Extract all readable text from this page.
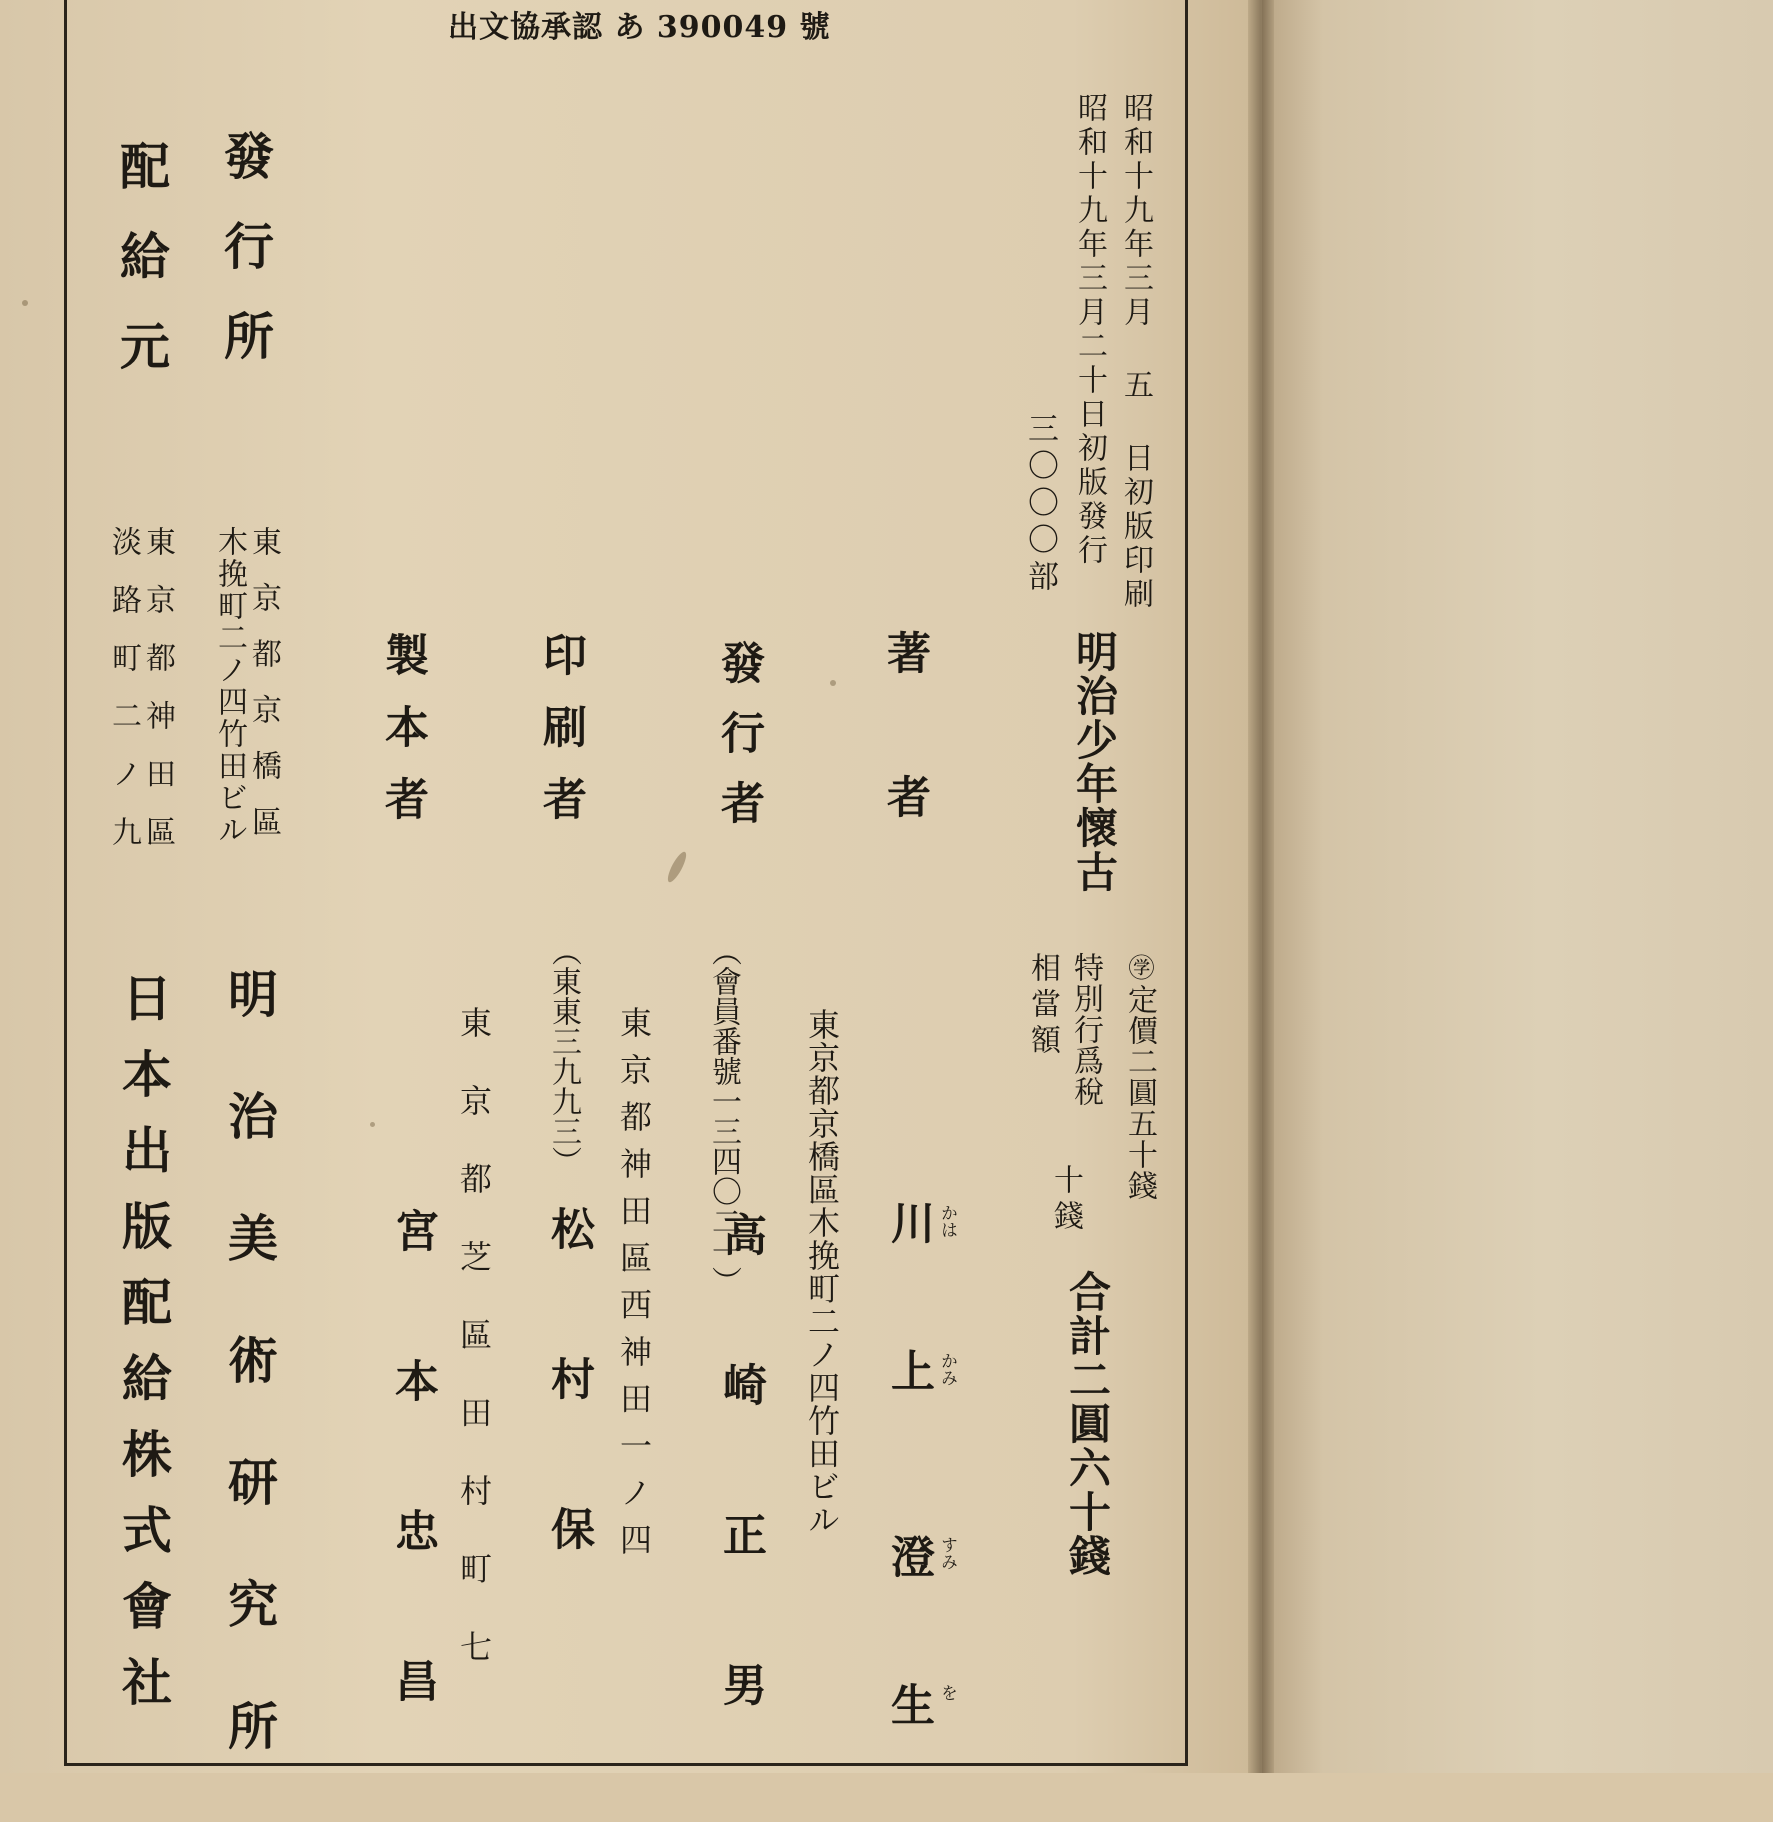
出文協承認 あ 390049 號
昭和十九年三月 五 日初版印刷
昭和十九年三月二十日初版發行
三〇〇〇部
明治少年懷古
㊫
定價二圓五十錢
特別行爲稅
相當額
十錢
合計二圓六十錢
著者
川
上
澄
生
かは
かみ
すみ
を
東京都京橋區木挽町二ノ四竹田ビル
發行者
（會員番號一三四〇二一）
高崎正男
東京都神田區西神田一ノ四
印刷者
（東東三九九三）
松村保
東京都芝區田村町七
製本者
宮本忠昌
發行所
東京都京橋區
木挽町二ノ四竹田ビル
明治美術研究所
配給元
東京都神田區
淡路町二ノ九
日本出版配給株式會社
